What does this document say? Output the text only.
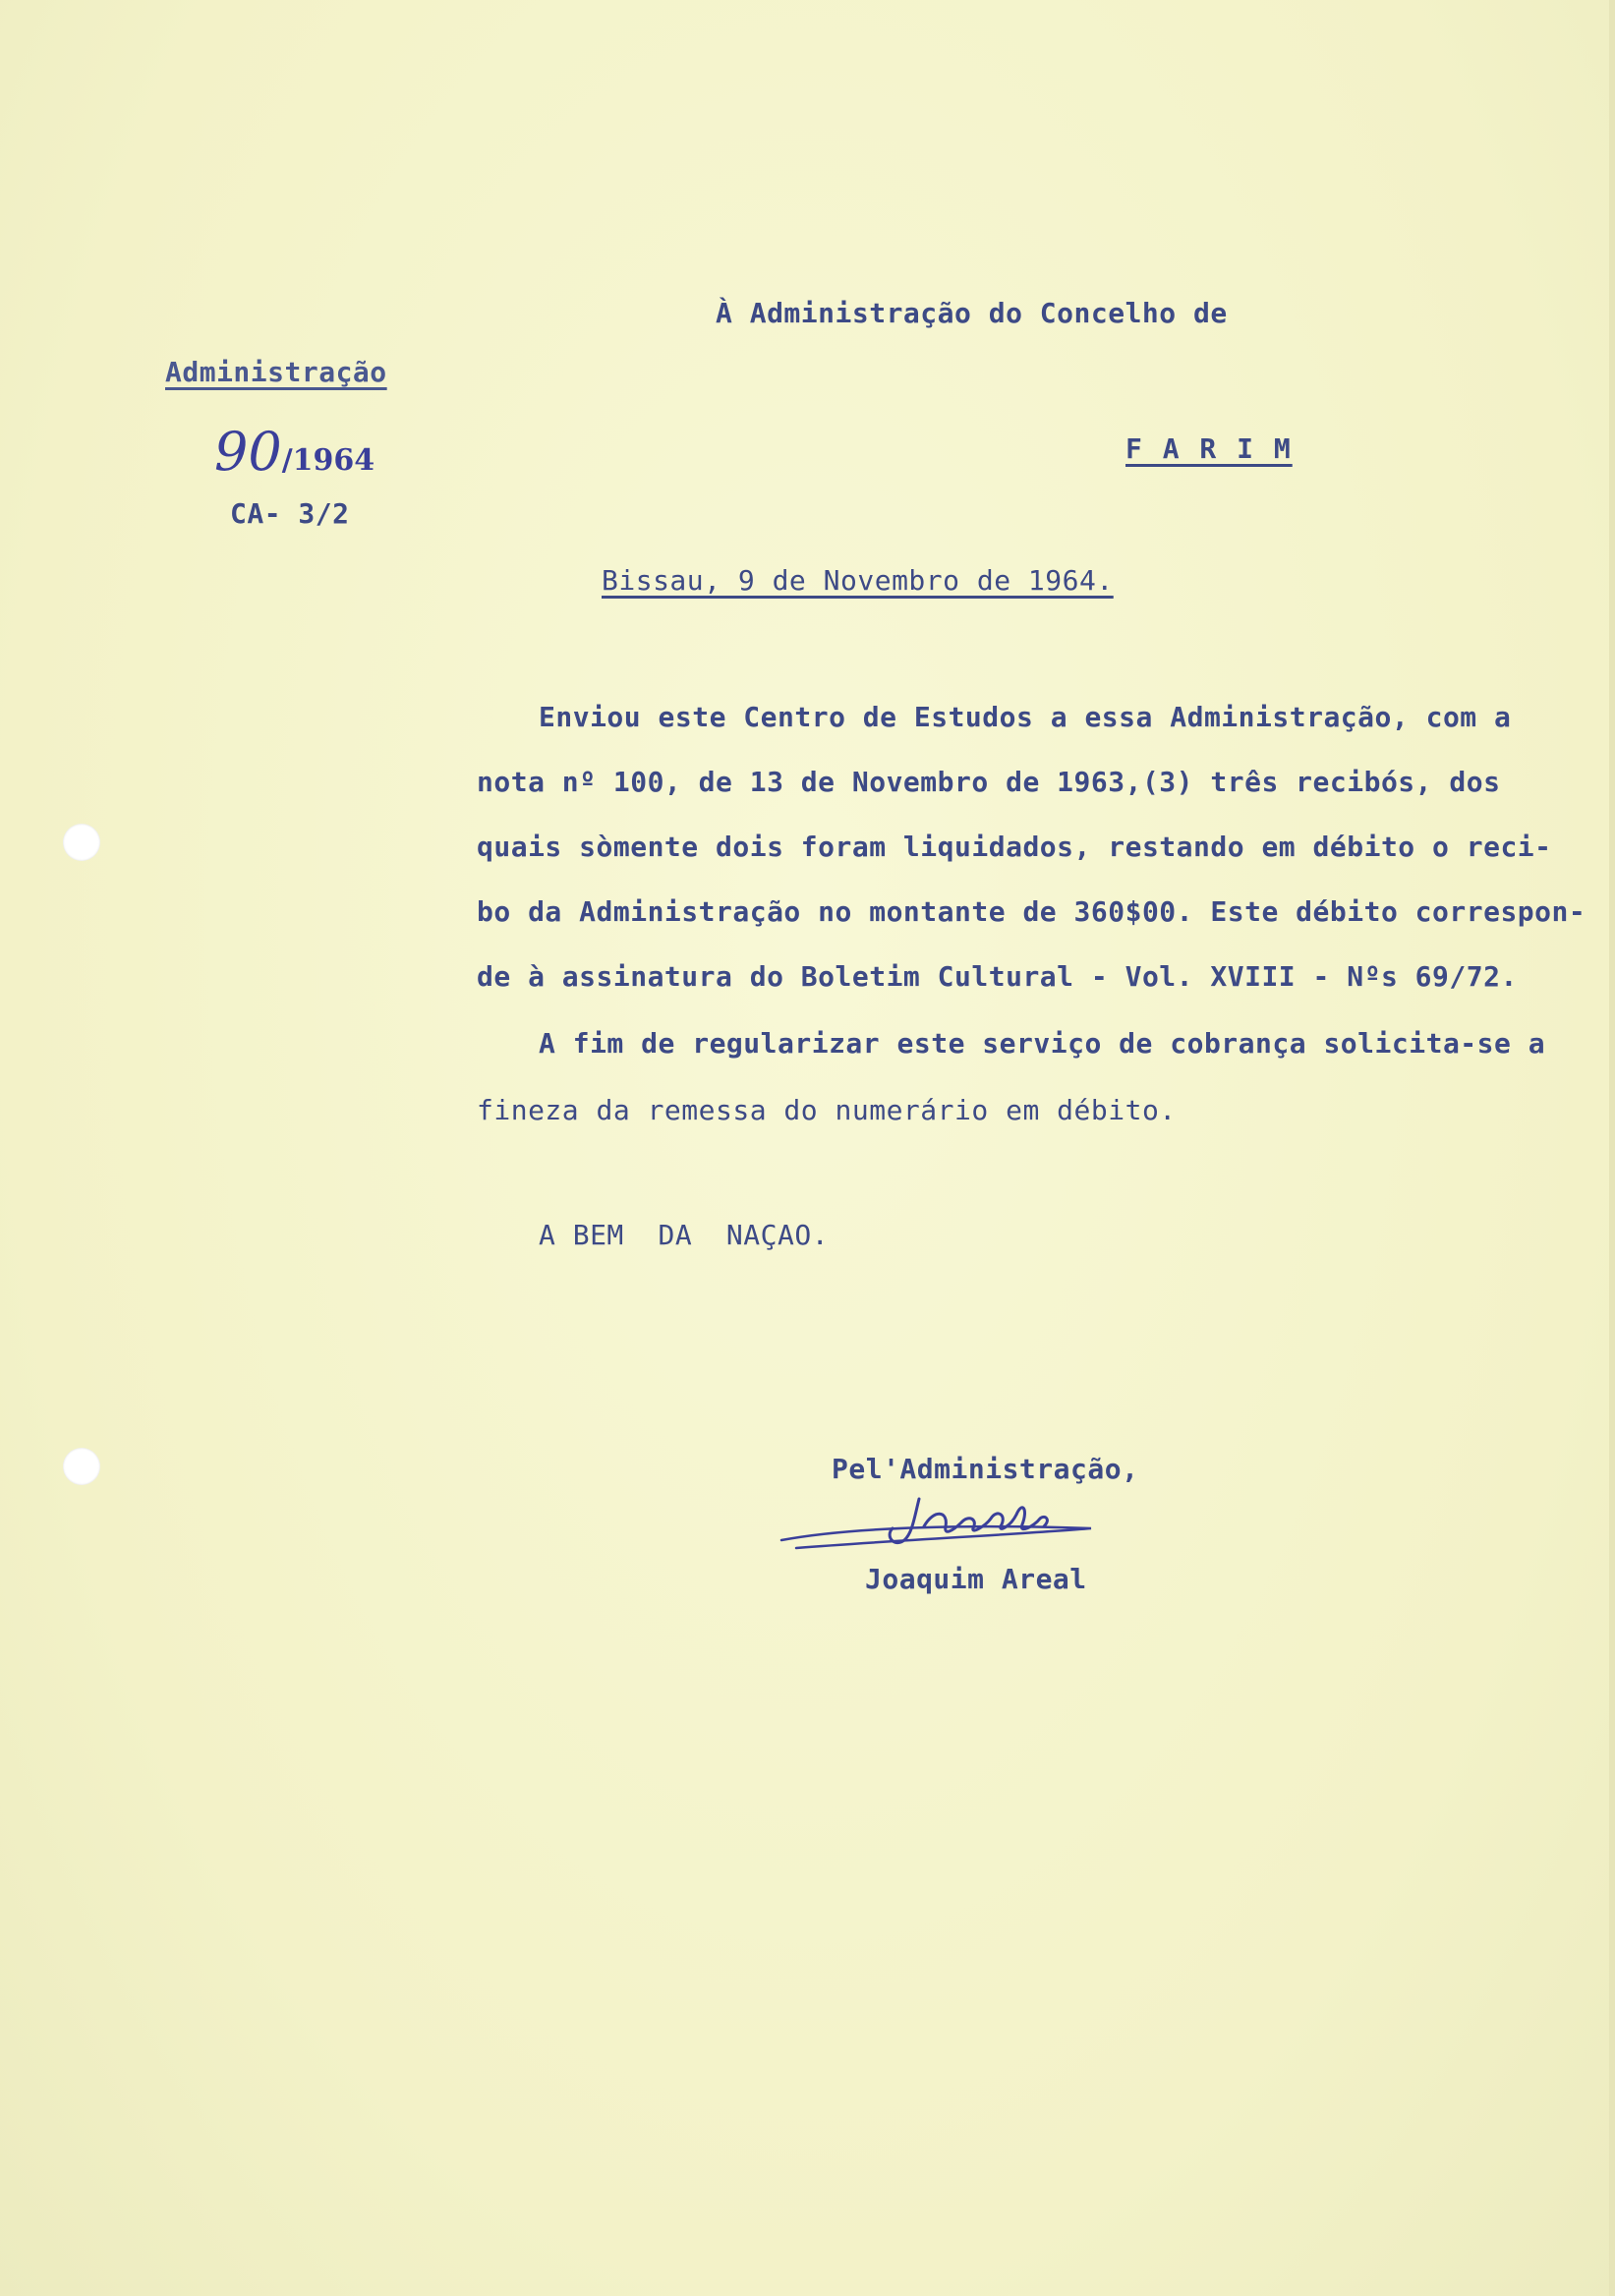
À Administração do Concelho de
Administração
F A R I M
90/1964
CA- 3/2
Bissau, 9 de Novembro de 1964.
Enviou este Centro de Estudos a essa Administração, com a
nota nº 100, de 13 de Novembro de 1963,(3) três recibós, dos
quais sòmente dois foram liquidados, restando em débito o reci-
bo da Administração no montante de 360$00. Este débito correspon-
de à assinatura do Boletim Cultural - Vol. XVIII - Nºs 69/72.
A fim de regularizar este serviço de cobrança solicita-se a
fineza da remessa do numerário em débito.
A BEM  DA  NAÇAO.
Pel'Administração,
Joaquim Areal
